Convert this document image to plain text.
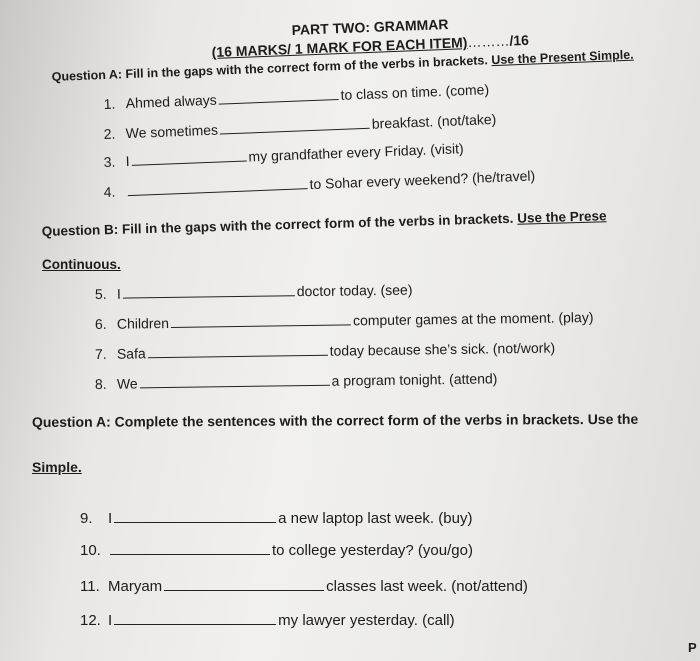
PART TWO: GRAMMAR
(16 MARKS/ 1 MARK FOR EACH ITEM)………/16
Question A: Fill in the gaps with the correct form of the verbs in brackets. Use the Present Simple.
1. Ahmed always	to class on time. (come)
2. We sometimes	breakfast. (not/take)
3. I	my grandfather every Friday. (visit)
4.	to Sohar every weekend? (he/travel)
Question B: Fill in the gaps with the correct form of the verbs in brackets. Use the Prese
Continuous.
5. I	doctor today. (see)
6. Children	computer games at the moment. (play)
7. Safa	today because she’s sick. (not/work)
8. We	a program tonight. (attend)
Question A: Complete the sentences with the correct form of the verbs in brackets. Use the
Simple.
9. I	a new laptop last week. (buy)
10.	to college yesterday? (you/go)
11. Maryam	classes last week. (not/attend)
12. I	my lawyer yesterday. (call)
P
